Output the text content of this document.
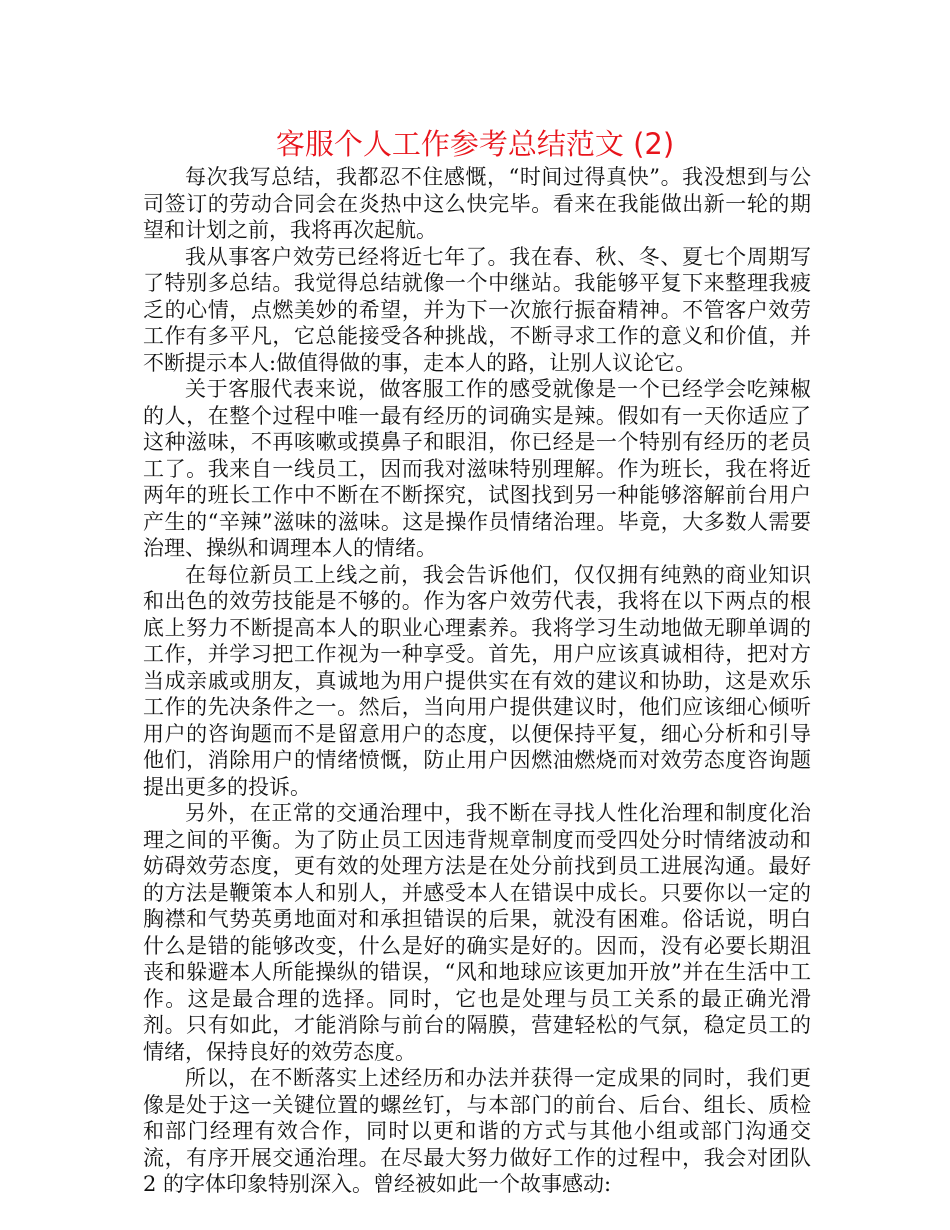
客服个人工作参考总结范文 (2)

每次我写总结，我都忍不住感慨，“时间过得真快”。我没想到与公司签订的劳动合同会在炎热中这么快完毕。看来在我能做出新一轮的期望和计划之前，我将再次起航。

我从事客户效劳已经将近七年了。我在春、秋、冬、夏七个周期写了特别多总结。我觉得总结就像一个中继站。我能够平复下来整理我疲乏的心情，点燃美妙的希望，并为下一次旅行振奋精神。不管客户效劳工作有多平凡，它总能接受各种挑战，不断寻求工作的意义和价值，并不断提示本人:做值得做的事，走本人的路，让别人议论它。

关于客服代表来说，做客服工作的感受就像是一个已经学会吃辣椒的人，在整个过程中唯一最有经历的词确实是辣。假如有一天你适应了这种滋味，不再咳嗽或摸鼻子和眼泪，你已经是一个特别有经历的老员工了。我来自一线员工，因而我对滋味特别理解。作为班长，我在将近两年的班长工作中不断在不断探究，试图找到另一种能够溶解前台用户产生的“辛辣”滋味的滋味。这是操作员情绪治理。毕竟，大多数人需要治理、操纵和调理本人的情绪。

在每位新员工上线之前，我会告诉他们，仅仅拥有纯熟的商业知识和出色的效劳技能是不够的。作为客户效劳代表，我将在以下两点的根底上努力不断提高本人的职业心理素养。我将学习生动地做无聊单调的工作，并学习把工作视为一种享受。首先，用户应该真诚相待，把对方当成亲戚或朋友，真诚地为用户提供实在有效的建议和协助，这是欢乐工作的先决条件之一。然后，当向用户提供建议时，他们应该细心倾听用户的咨询题而不是留意用户的态度，以便保持平复，细心分析和引导他们，消除用户的情绪愤慨，防止用户因燃油燃烧而对效劳态度咨询题提出更多的投诉。

另外，在正常的交通治理中，我不断在寻找人性化治理和制度化治理之间的平衡。为了防止员工因违背规章制度而受四处分时情绪波动和妨碍效劳态度，更有效的处理方法是在处分前找到员工进展沟通。最好的方法是鞭策本人和别人，并感受本人在错误中成长。只要你以一定的胸襟和气势英勇地面对和承担错误的后果，就没有困难。俗话说，明白什么是错的能够改变，什么是好的确实是好的。因而，没有必要长期沮丧和躲避本人所能操纵的错误，“风和地球应该更加开放”并在生活中工作。这是最合理的选择。同时，它也是处理与员工关系的最正确光滑剂。只有如此，才能消除与前台的隔膜，营建轻松的气氛，稳定员工的情绪，保持良好的效劳态度。

所以，在不断落实上述经历和办法并获得一定成果的同时，我们更像是处于这一关键位置的螺丝钉，与本部门的前台、后台、组长、质检和部门经理有效合作，同时以更和谐的方式与其他小组或部门沟通交流，有序开展交通治理。在尽最大努力做好工作的过程中，我会对团队 2 的字体印象特别深入。曾经被如此一个故事感动:
